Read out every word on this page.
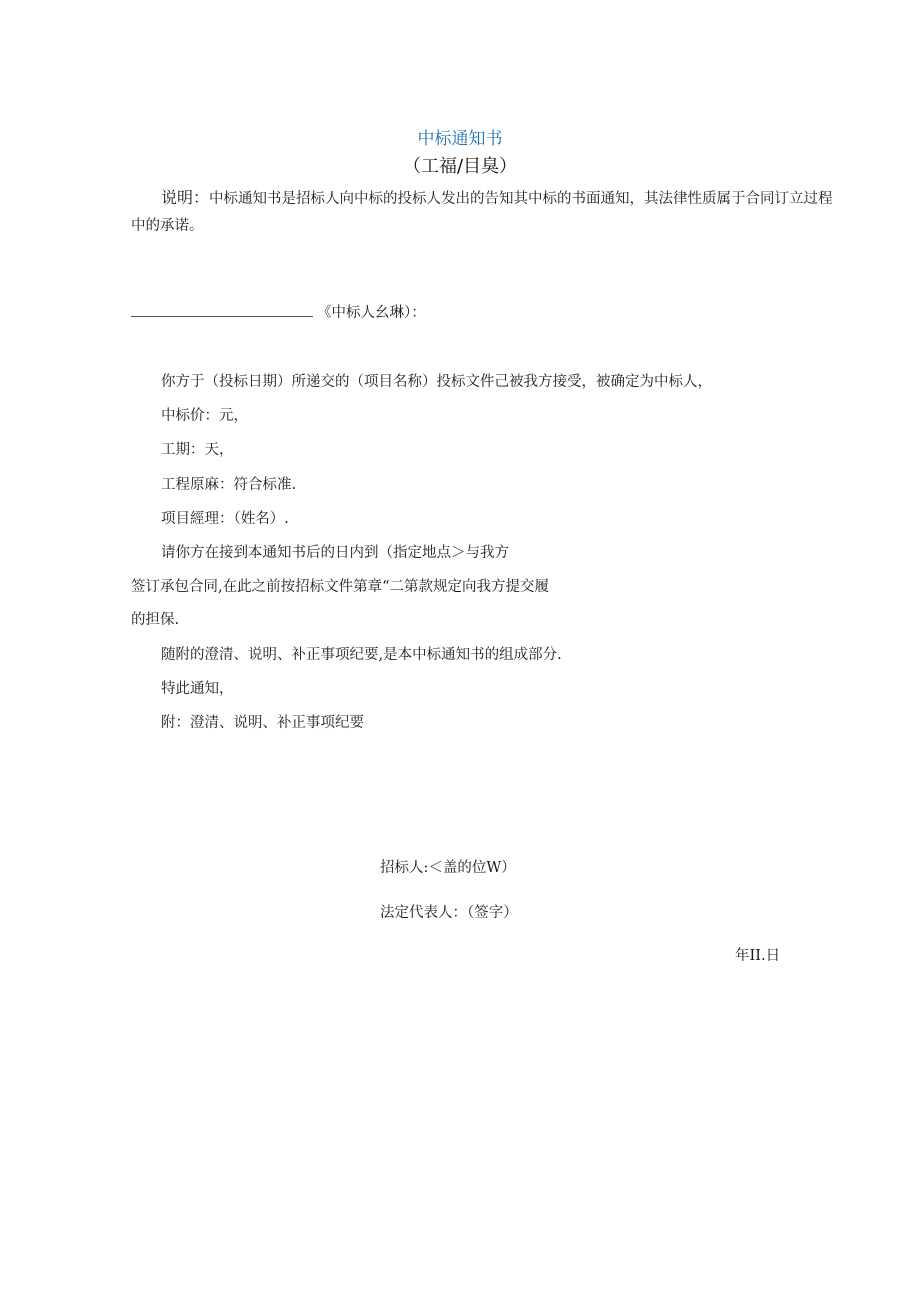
中标通知书
（工福/目臭）
说明：中标通知书是招标人向中标的投标人发出的告知其中标的书面通知，其法律性质属于合同订立过程中的承诺。
《中标人幺琳）：
你方于（投标日期）所递交的（项目名称）投标文件己被我方接受，被确定为中标人，
中标价：元，
工期：天，
工程原麻：符合标准.
项目經理：（姓名）.
请你方在接到本通知书后的日内到（指定地点＞与我方
签订承包合同,在此之前按招标文件第章“二第款规定向我方提交履
的担保.
随附的澄清、说明、补正事项纪要,是本中标通知书的组成部分.
特此通知，
附：澄清、说明、补正事项纪要
招标人:＜盖的位W）
法定代表人：（签字）
年II.日
